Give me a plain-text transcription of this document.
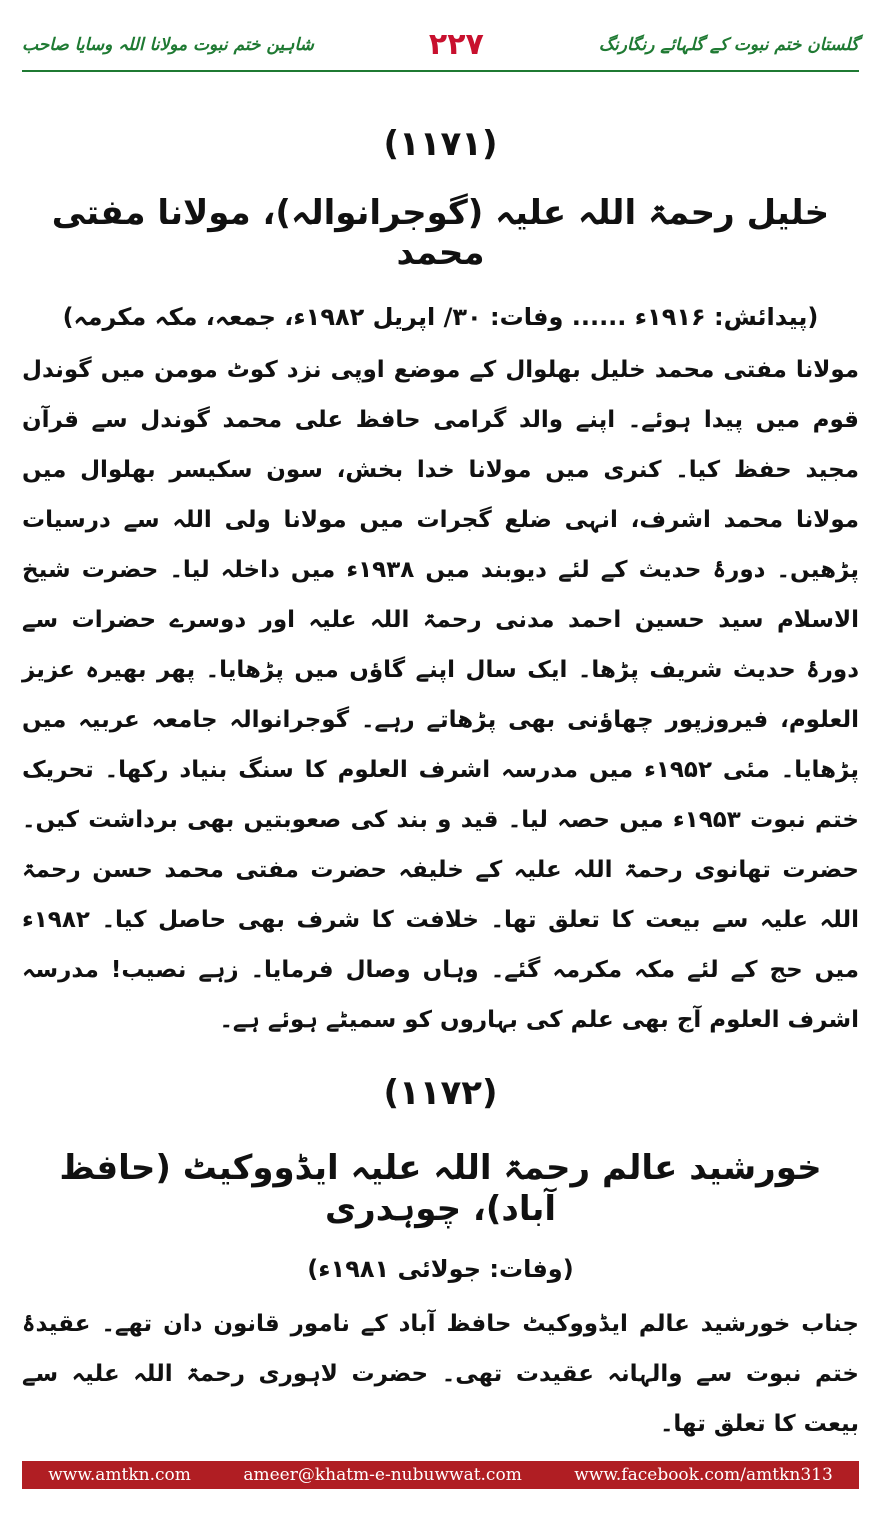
شاہین ختم نبوت مولانا اللہ وسایا صاحب	۲۲۷	گلستان ختم نبوت کے گلہائے رنگارنگ
(۱۱۷۱)
خلیل رحمۃ اللہ علیہ (گوجرانوالہ)، مولانا مفتی محمد

(پیدائش: ۱۹۱۶ء ...... وفات: ۳۰/ اپریل ۱۹۸۲ء، جمعہ، مکہ مکرمہ)

مولانا مفتی محمد خلیل بھلوال کے موضع اوپی نزد کوٹ مومن میں گوندل قوم میں پیدا ہوئے۔ اپنے والد گرامی حافظ علی محمد گوندل سے قرآن مجید حفظ کیا۔ کنری میں مولانا خدا بخش، سون سکیسر بھلوال میں مولانا محمد اشرف، انہی ضلع گجرات میں مولانا ولی اللہ سے درسیات پڑھیں۔ دورۂ حدیث کے لئے دیوبند میں ۱۹۳۸ء میں داخلہ لیا۔ حضرت شیخ الاسلام سید حسین احمد مدنی رحمۃ اللہ علیہ اور دوسرے حضرات سے دورۂ حدیث شریف پڑھا۔ ایک سال اپنے گاؤں میں پڑھایا۔ پھر بھیرہ عزیز العلوم، فیروزپور چھاؤنی بھی پڑھاتے رہے۔ گوجرانوالہ جامعہ عربیہ میں پڑھایا۔ مئی ۱۹۵۲ء میں مدرسہ اشرف العلوم کا سنگ بنیاد رکھا۔ تحریک ختم نبوت ۱۹۵۳ء میں حصہ لیا۔ قید و بند کی صعوبتیں بھی برداشت کیں۔ حضرت تھانوی رحمۃ اللہ علیہ کے خلیفہ حضرت مفتی محمد حسن رحمۃ اللہ علیہ سے بیعت کا تعلق تھا۔ خلافت کا شرف بھی حاصل کیا۔ ۱۹۸۲ء میں حج کے لئے مکہ مکرمہ گئے۔ وہاں وصال فرمایا۔ زہے نصیب! مدرسہ اشرف العلوم آج بھی علم کی بہاروں کو سمیٹے ہوئے ہے۔

(۱۱۷۲)
خورشید عالم رحمۃ اللہ علیہ ایڈووکیٹ (حافظ آباد)، چوہدری

(وفات: جولائی ۱۹۸۱ء)

جناب خورشید عالم ایڈووکیٹ حافظ آباد کے نامور قانون دان تھے۔ عقیدۂ ختم نبوت سے والہانہ عقیدت تھی۔ حضرت لاہوری رحمۃ اللہ علیہ سے بیعت کا تعلق تھا۔

www.amtkn.com	ameer@khatm-e-nubuwwat.com	www.facebook.com/amtkn313
